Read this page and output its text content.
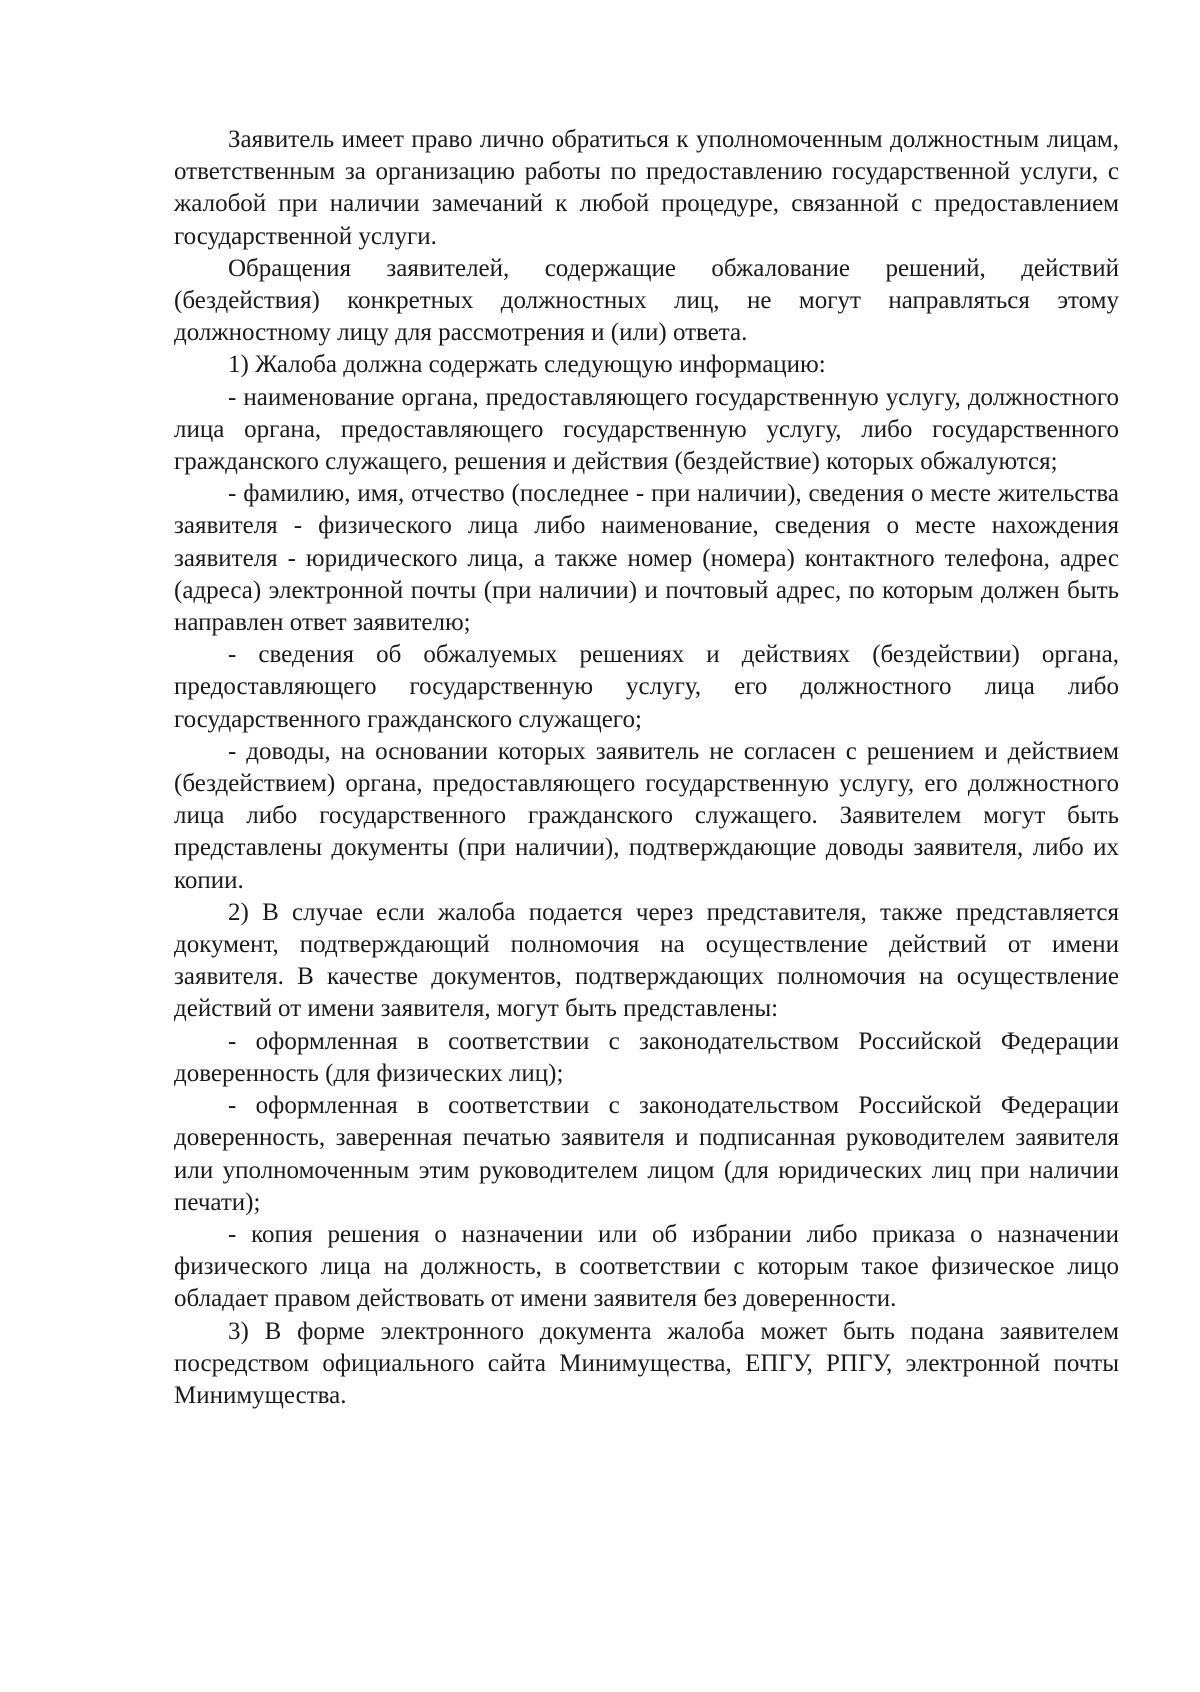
Заявитель имеет право лично обратиться к уполномоченным должностным лицам, ответственным за организацию работы по предоставлению государственной услуги, с жалобой при наличии замечаний к любой процедуре, связанной с предоставлением государственной услуги.

Обращения заявителей, содержащие обжалование решений, действий (бездействия) конкретных должностных лиц, не могут направляться этому должностному лицу для рассмотрения и (или) ответа.

1) Жалоба должна содержать следующую информацию:

- наименование органа, предоставляющего государственную услугу, должностного лица органа, предоставляющего государственную услугу, либо государственного гражданского служащего, решения и действия (бездействие) которых обжалуются;

- фамилию, имя, отчество (последнее - при наличии), сведения о месте жительства заявителя - физического лица либо наименование, сведения о месте нахождения заявителя - юридического лица, а также номер (номера) контактного телефона, адрес (адреса) электронной почты (при наличии) и почтовый адрес, по которым должен быть направлен ответ заявителю;

- сведения об обжалуемых решениях и действиях (бездействии) органа, предоставляющего государственную услугу, его должностного лица либо государственного гражданского служащего;

- доводы, на основании которых заявитель не согласен с решением и действием (бездействием) органа, предоставляющего государственную услугу, его должностного лица либо государственного гражданского служащего. Заявителем могут быть представлены документы (при наличии), подтверждающие доводы заявителя, либо их копии.

2) В случае если жалоба подается через представителя, также представляется документ, подтверждающий полномочия на осуществление действий от имени заявителя. В качестве документов, подтверждающих полномочия на осуществление действий от имени заявителя, могут быть представлены:

- оформленная в соответствии с законодательством Российской Федерации доверенность (для физических лиц);

- оформленная в соответствии с законодательством Российской Федерации доверенность, заверенная печатью заявителя и подписанная руководителем заявителя или уполномоченным этим руководителем лицом (для юридических лиц при наличии печати);

- копия решения о назначении или об избрании либо приказа о назначении физического лица на должность, в соответствии с которым такое физическое лицо обладает правом действовать от имени заявителя без доверенности.

3) В форме электронного документа жалоба может быть подана заявителем посредством официального сайта Минимущества, ЕПГУ, РПГУ, электронной почты Минимущества.
